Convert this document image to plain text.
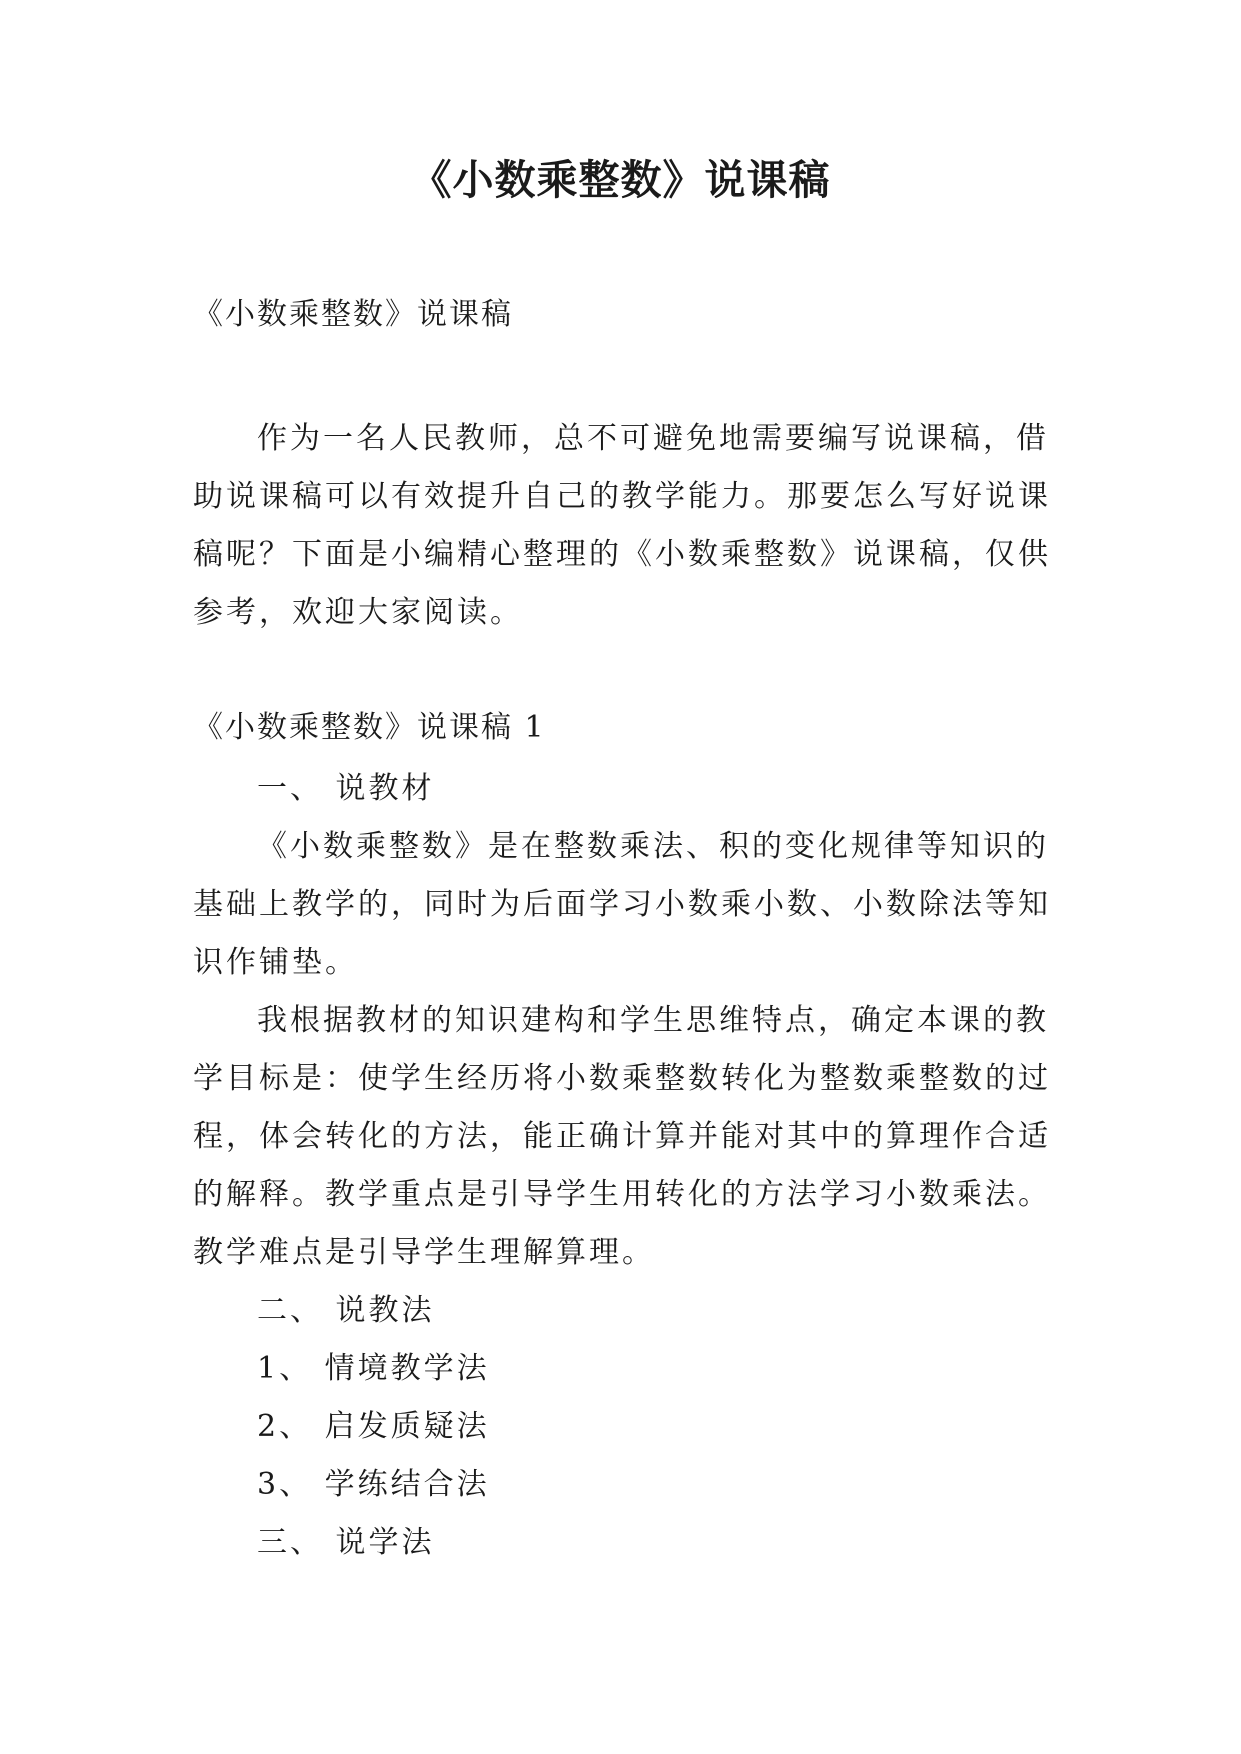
《小数乘整数》说课稿

《小数乘整数》说课稿

作为一名人民教师，总不可避免地需要编写说课稿，借助说课稿可以有效提升自己的教学能力。那要怎么写好说课稿呢？下面是小编精心整理的《小数乘整数》说课稿，仅供参考，欢迎大家阅读。

《小数乘整数》说课稿 1

一、 说教材

《小数乘整数》是在整数乘法、积的变化规律等知识的基础上教学的，同时为后面学习小数乘小数、小数除法等知识作铺垫。

我根据教材的知识建构和学生思维特点，确定本课的教学目标是：使学生经历将小数乘整数转化为整数乘整数的过程，体会转化的方法，能正确计算并能对其中的算理作合适的解释。教学重点是引导学生用转化的方法学习小数乘法。教学难点是引导学生理解算理。

二、 说教法

1、 情境教学法

2、 启发质疑法

3、 学练结合法

三、 说学法
